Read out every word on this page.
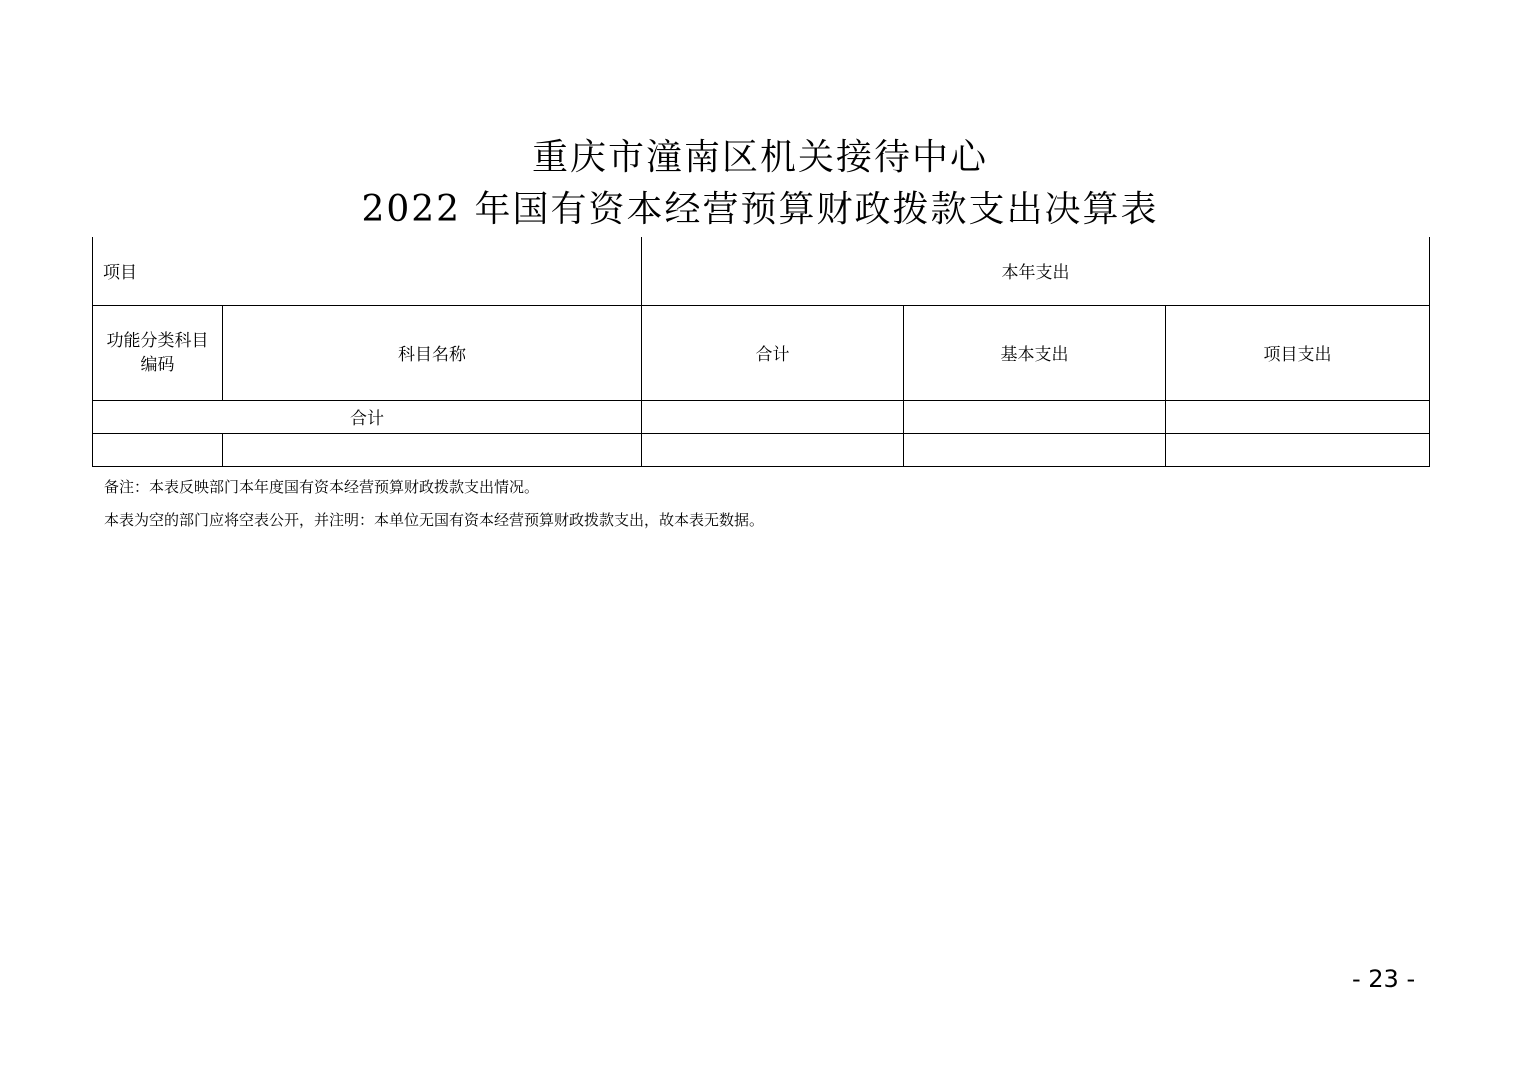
重庆市潼南区机关接待中心
2022 年国有资本经营预算财政拨款支出决算表
项目		本年支出		
功能分类科目编码	科目名称	合计	基本支出	项目支出
合计				

备注：本表反映部门本年度国有资本经营预算财政拨款支出情况。
本表为空的部门应将空表公开，并注明：本单位无国有资本经营预算财政拨款支出，故本表无数据。
- 23 -
